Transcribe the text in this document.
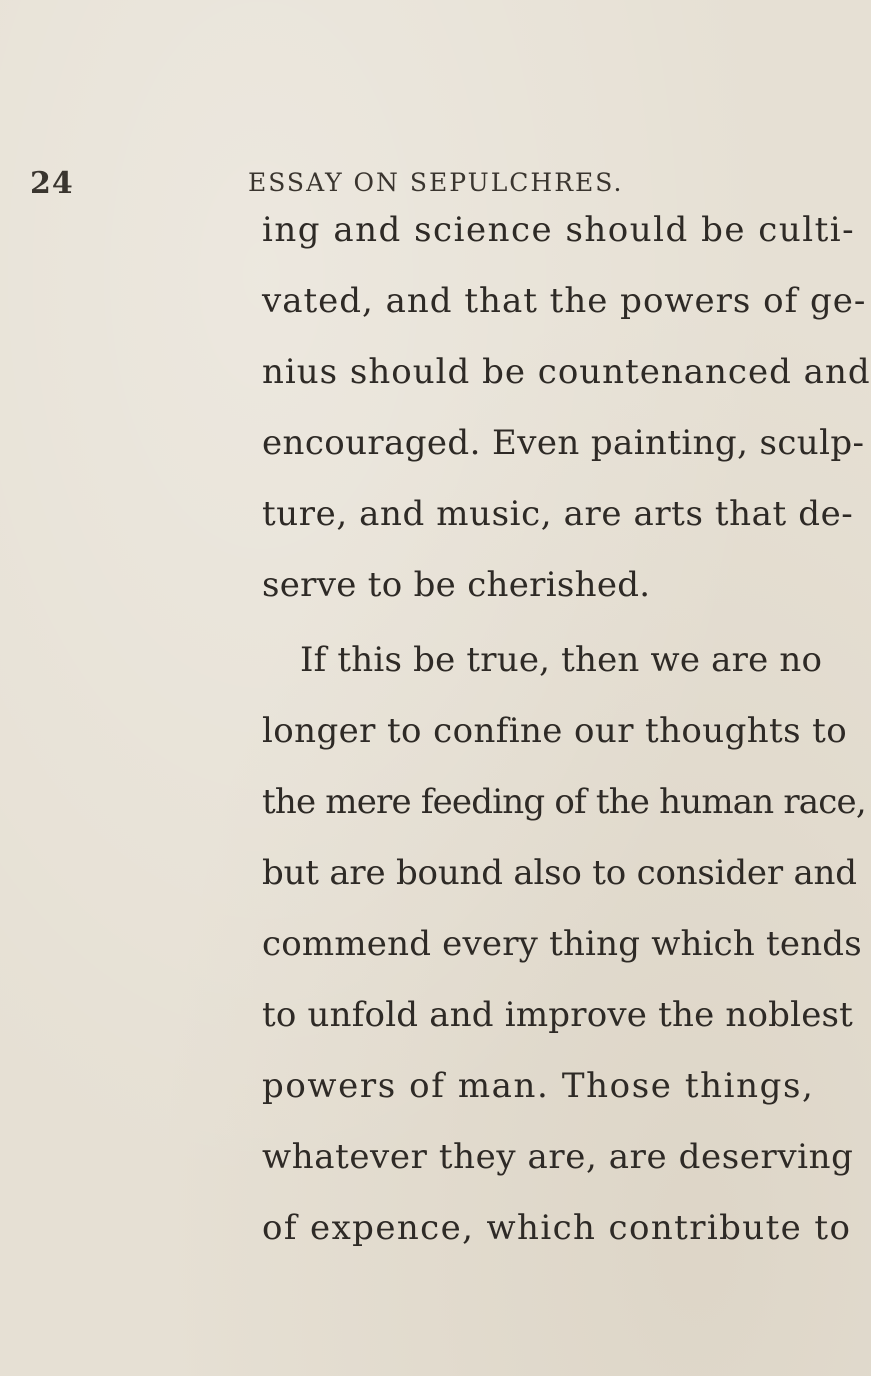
24	ESSAY ON SEPULCHRES.
ing and science should be culti-
vated, and that the powers of ge-
nius should be countenanced and
encouraged. Even painting, sculp-
ture, and music, are arts that de-
serve to be cherished.
If this be true, then we are no
longer to confine our thoughts to
the mere feeding of the human race,
but are bound also to consider and
commend every thing which tends
to unfold and improve the noblest
powers of man. Those things,
whatever they are, are deserving
of expence, which contribute to
